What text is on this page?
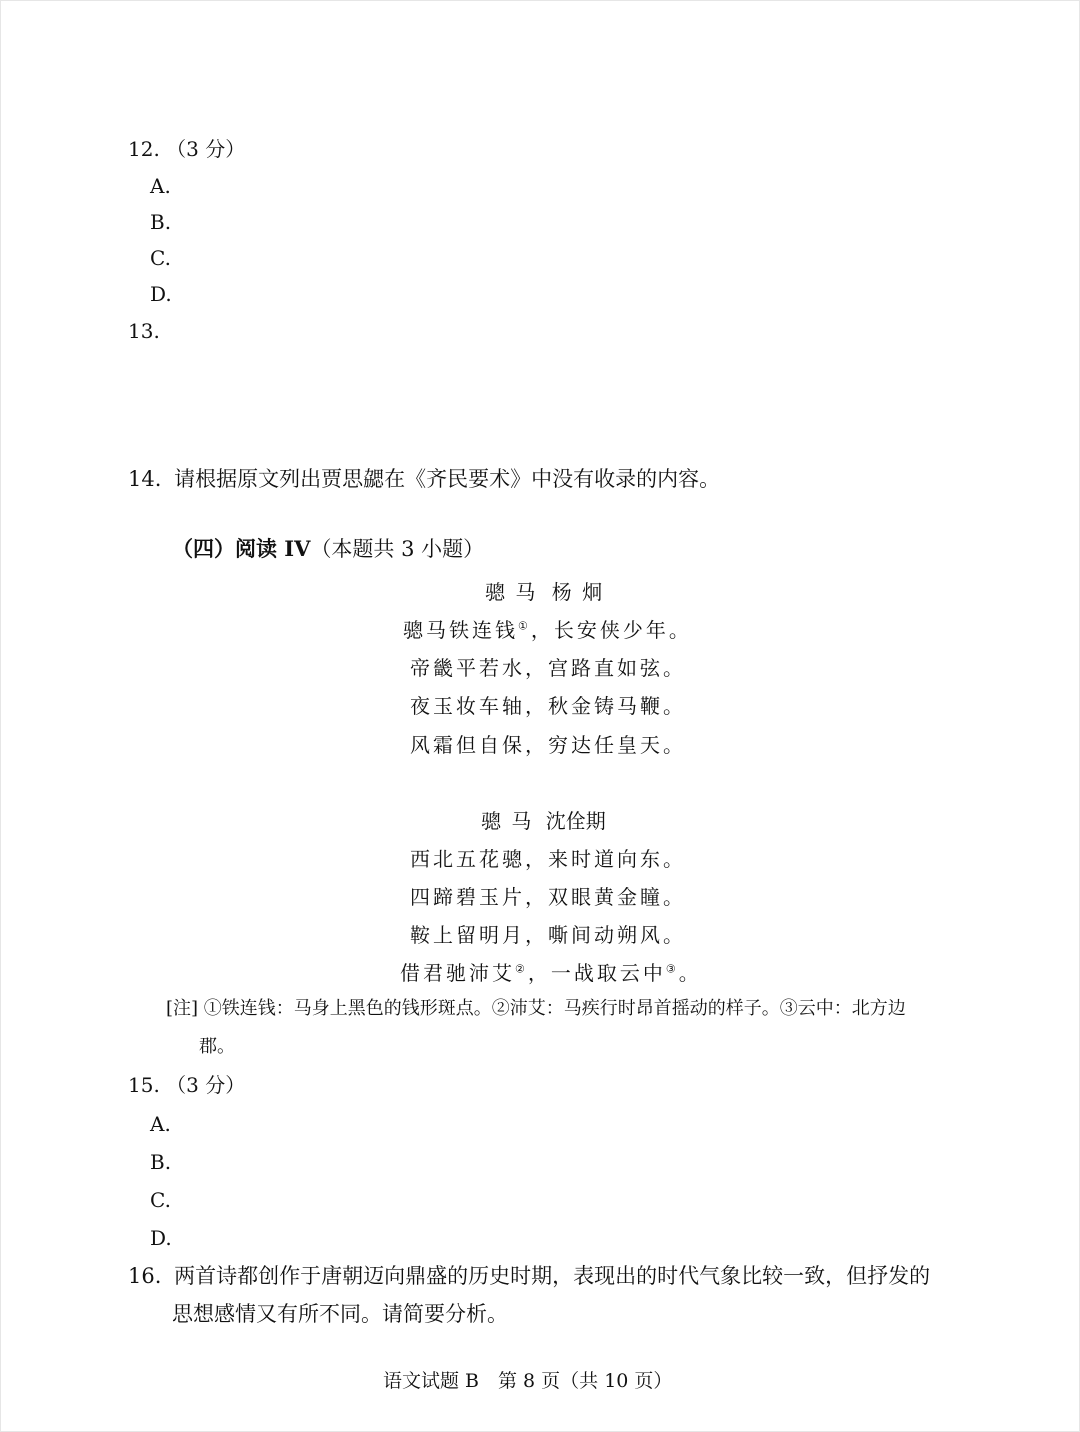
12. （3 分）
A.
B.
C.
D.
13.
14. 请根据原文列出贾思勰在《齐民要术》中没有收录的内容。
（四）阅读 IV（本题共 3 小题）
骢 马 杨 炯
骢马铁连钱①，长安侠少年。
帝畿平若水，宫路直如弦。
夜玉妆车轴，秋金铸马鞭。
风霜但自保，穷达任皇天。
骢 马 沈佺期
西北五花骢，来时道向东。
四蹄碧玉片，双眼黄金瞳。
鞍上留明月，嘶间动朔风。
借君驰沛艾②，一战取云中③。
[注] ①铁连钱：马身上黑色的钱形斑点。②沛艾：马疾行时昂首摇动的样子。③云中：北方边
郡。
15. （3 分）
A.
B.
C.
D.
16. 两首诗都创作于唐朝迈向鼎盛的历史时期，表现出的时代气象比较一致，但抒发的
思想感情又有所不同。请简要分析。
语文试题 B　第 8 页（共 10 页）
